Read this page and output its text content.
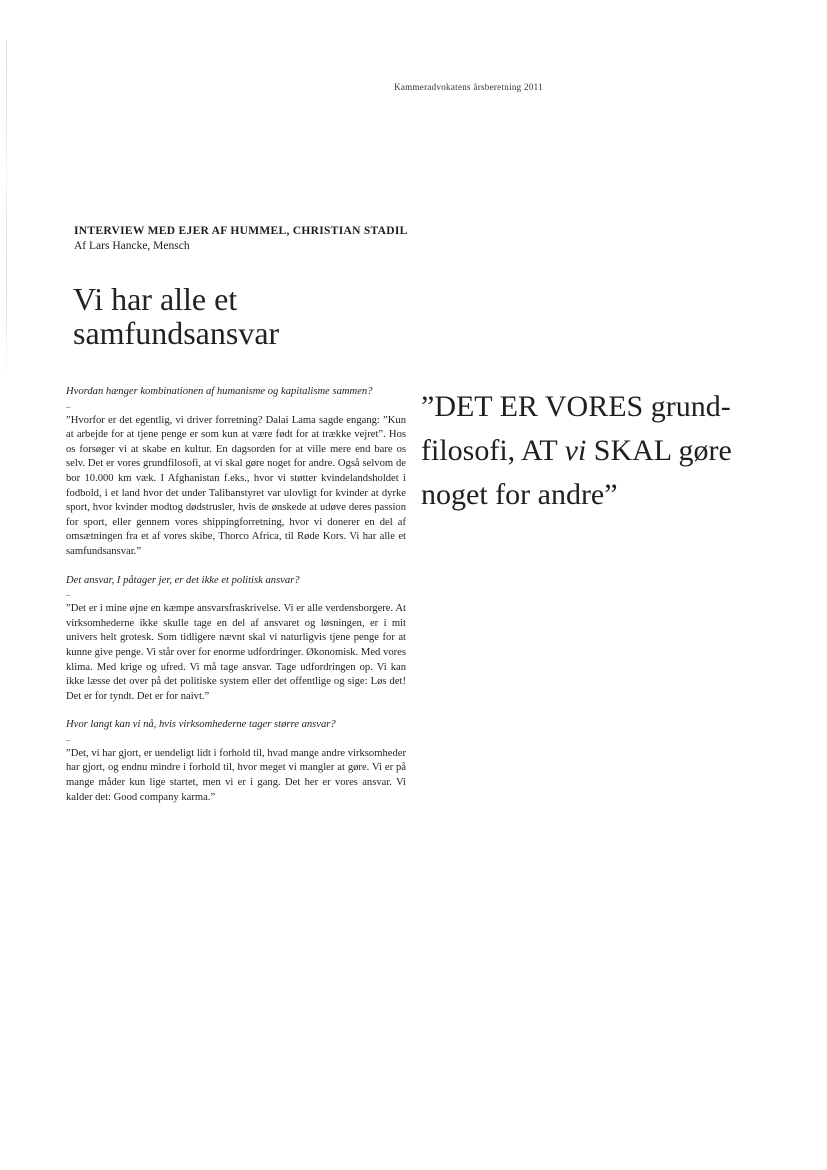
Kammeradvokatens årsberetning 2011
INTERVIEW MED EJER AF HUMMEL, CHRISTIAN STADIL
Af Lars Hancke, Mensch
Vi har alle et samfundsansvar
”DET ER VORES grund-filosofi, AT vi SKAL gøre noget for andre”

Hvordan hænger kombinationen af humanisme og kapitalisme sammen?

–

”Hvorfor er det egentlig, vi driver forretning? Dalai Lama sagde engang: ”Kun at arbejde for at tjene penge er som kun at være født for at trække vejret”. Hos os forsøger vi at skabe en kultur. En dagsorden for at ville mere end bare os selv. Det er vores grundfilosofi, at vi skal gøre noget for andre. Også selvom de bor 10.000 km væk. I Afghanistan f.eks., hvor vi støtter kvindelandsholdet i fodbold, i et land hvor det under Talibanstyret var ulovligt for kvinder at dyrke sport, hvor kvinder modtog dødstrusler, hvis de ønskede at udøve deres passion for sport, eller gennem vores shippingforretning, hvor vi donerer en del af omsætningen fra et af vores skibe, Thorco Africa, til Røde Kors. Vi har alle et samfundsansvar.”

Det ansvar, I påtager jer, er det ikke et politisk ansvar?

–

”Det er i mine øjne en kæmpe ansvarsfraskrivelse. Vi er alle verdensborgere. At virksomhederne ikke skulle tage en del af ansvaret og løsningen, er i mit univers helt grotesk. Som tidligere nævnt skal vi naturligvis tjene penge for at kunne give penge. Vi står over for enorme udfordringer. Økonomisk. Med vores klima. Med krige og ufred. Vi må tage ansvar. Tage udfordringen op. Vi kan ikke læsse det over på det politiske system eller det offentlige og sige: Løs det! Det er for tyndt. Det er for naivt.”

Hvor langt kan vi nå, hvis virksomhederne tager større ansvar?

–

”Det, vi har gjort, er uendeligt lidt i forhold til, hvad mange andre virksomheder har gjort, og endnu mindre i forhold til, hvor meget vi mangler at gøre. Vi er på mange måder kun lige startet, men vi er i gang. Det her er vores ansvar. Vi kalder det: Good company karma.”
